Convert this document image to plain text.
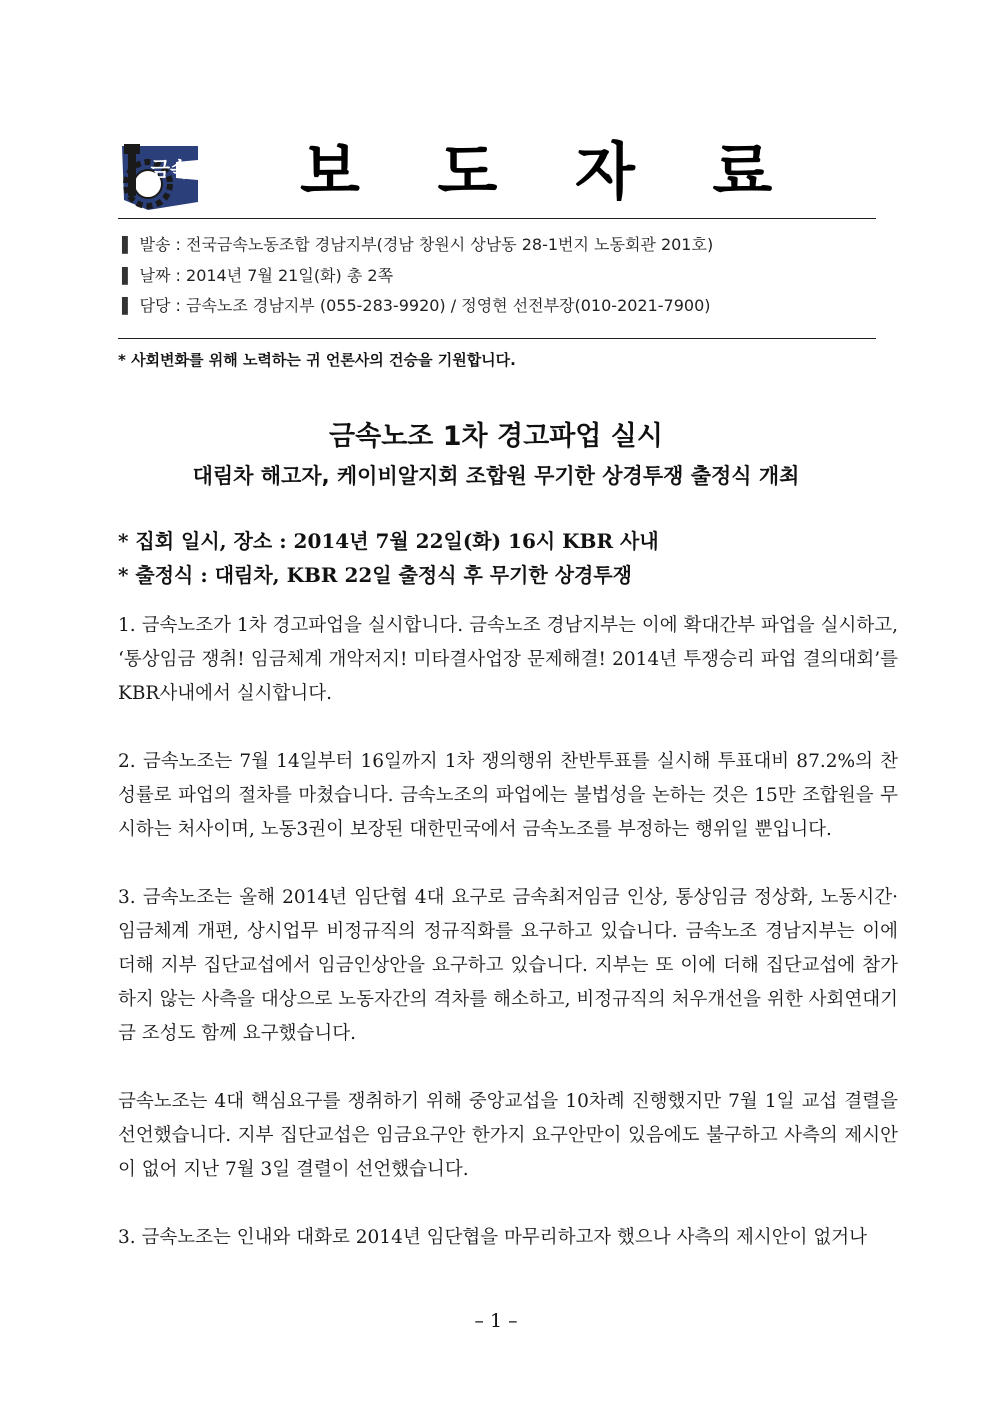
금속 보 도 자 료
▌ 발송 : 전국금속노동조합 경남지부(경남 창원시 상남동 28-1번지 노동회관 201호)
▌ 날짜 : 2014년 7월 21일(화) 총 2쪽
▌ 담당 : 금속노조 경남지부 (055-283-9920) / 정영현 선전부장(010-2021-7900)
* 사회변화를 위해 노력하는 귀 언론사의 건승을 기원합니다.
금속노조 1차 경고파업 실시
대림차 해고자, 케이비알지회 조합원 무기한 상경투쟁 출정식 개최
* 집회 일시, 장소 : 2014년 7월 22일(화) 16시 KBR 사내
* 출정식 : 대림차, KBR 22일 출정식 후 무기한 상경투쟁
1. 금속노조가 1차 경고파업을 실시합니다. 금속노조 경남지부는 이에 확대간부 파업을 실시하고, ‘통상임금 쟁취! 임금체계 개악저지! 미타결사업장 문제해결! 2014년 투쟁승리 파업 결의대회’를 KBR사내에서 실시합니다.
2. 금속노조는 7월 14일부터 16일까지 1차 쟁의행위 찬반투표를 실시해 투표대비 87.2%의 찬성률로 파업의 절차를 마쳤습니다. 금속노조의 파업에는 불법성을 논하는 것은 15만 조합원을 무시하는 처사이며, 노동3권이 보장된 대한민국에서 금속노조를 부정하는 행위일 뿐입니다.
3. 금속노조는 올해 2014년 임단협 4대 요구로 금속최저임금 인상, 통상임금 정상화, 노동시간·임금체계 개편, 상시업무 비정규직의 정규직화를 요구하고 있습니다. 금속노조 경남지부는 이에 더해 지부 집단교섭에서 임금인상안을 요구하고 있습니다. 지부는 또 이에 더해 집단교섭에 참가하지 않는 사측을 대상으로 노동자간의 격차를 해소하고, 비정규직의 처우개선을 위한 사회연대기금 조성도 함께 요구했습니다.
금속노조는 4대 핵심요구를 쟁취하기 위해 중앙교섭을 10차례 진행했지만 7월 1일 교섭 결렬을 선언했습니다. 지부 집단교섭은 임금요구안 한가지 요구안만이 있음에도 불구하고 사측의 제시안이 없어 지난 7월 3일 결렬이 선언했습니다.
3. 금속노조는 인내와 대화로 2014년 임단협을 마무리하고자 했으나 사측의 제시안이 없거나
– 1 –
